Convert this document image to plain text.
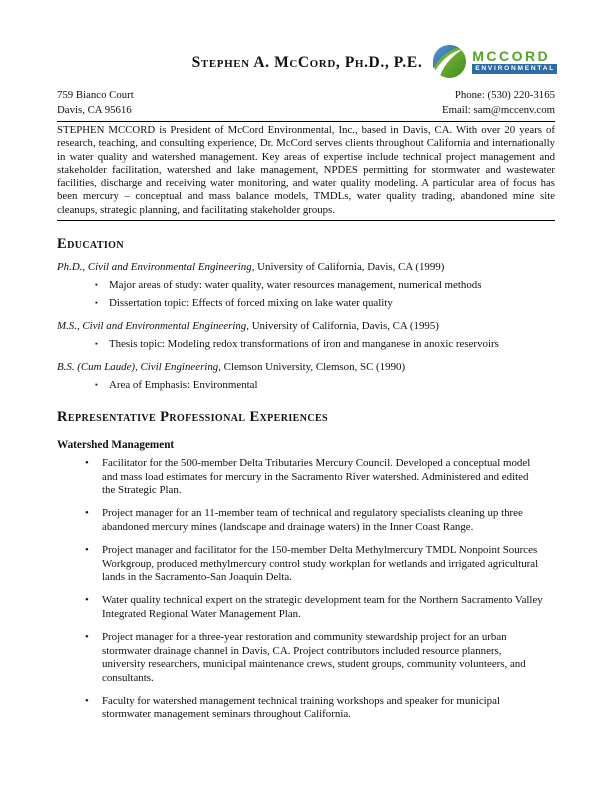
Stephen A. McCord, Ph.D., P.E.	MCCORD
ENVIRONMENTAL
759 Bianco Court
Davis, CA 95616
Phone: (530) 220-3165
Email: sam@mccenv.com

STEPHEN MCCORD is President of McCord Environmental, Inc., based in Davis, CA. With over 20 years of research, teaching, and consulting experience, Dr. McCord serves clients throughout California and internationally in water quality and watershed management. Key areas of expertise include technical project management and stakeholder facilitation, watershed and lake management, NPDES permitting for stormwater and wastewater facilities, discharge and receiving water monitoring, and water quality modeling. A particular area of focus has been mercury – conceptual and mass balance models, TMDLs, water quality trading, abandoned mine site cleanups, strategic planning, and facilitating stakeholder groups.

Education
Ph.D., Civil and Environmental Engineering, University of California, Davis, CA (1999)
▪	Major areas of study: water quality, water resources management, numerical methods
▪	Dissertation topic: Effects of forced mixing on lake water quality
M.S., Civil and Environmental Engineering, University of California, Davis, CA (1995)
▪	Thesis topic: Modeling redox transformations of iron and manganese in anoxic reservoirs
B.S. (Cum Laude), Civil Engineering, Clemson University, Clemson, SC (1990)
▪	Area of Emphasis: Environmental
Representative Professional Experiences
Watershed Management
•	Facilitator for the 500-member Delta Tributaries Mercury Council. Developed a conceptual model and mass load estimates for mercury in the Sacramento River watershed. Administered and edited the Strategic Plan.
•	Project manager for an 11-member team of technical and regulatory specialists cleaning up three abandoned mercury mines (landscape and drainage waters) in the Inner Coast Range.
•	Project manager and facilitator for the 150-member Delta Methylmercury TMDL Nonpoint Sources Workgroup, produced methylmercury control study workplan for wetlands and irrigated agricultural lands in the Sacramento-San Joaquin Delta.
•	Water quality technical expert on the strategic development team for the Northern Sacramento Valley Integrated Regional Water Management Plan.
•	Project manager for a three-year restoration and community stewardship project for an urban stormwater drainage channel in Davis, CA. Project contributors included resource planners, university researchers, municipal maintenance crews, student groups, community volunteers, and consultants.
•	Faculty for watershed management technical training workshops and speaker for municipal stormwater management seminars throughout California.
